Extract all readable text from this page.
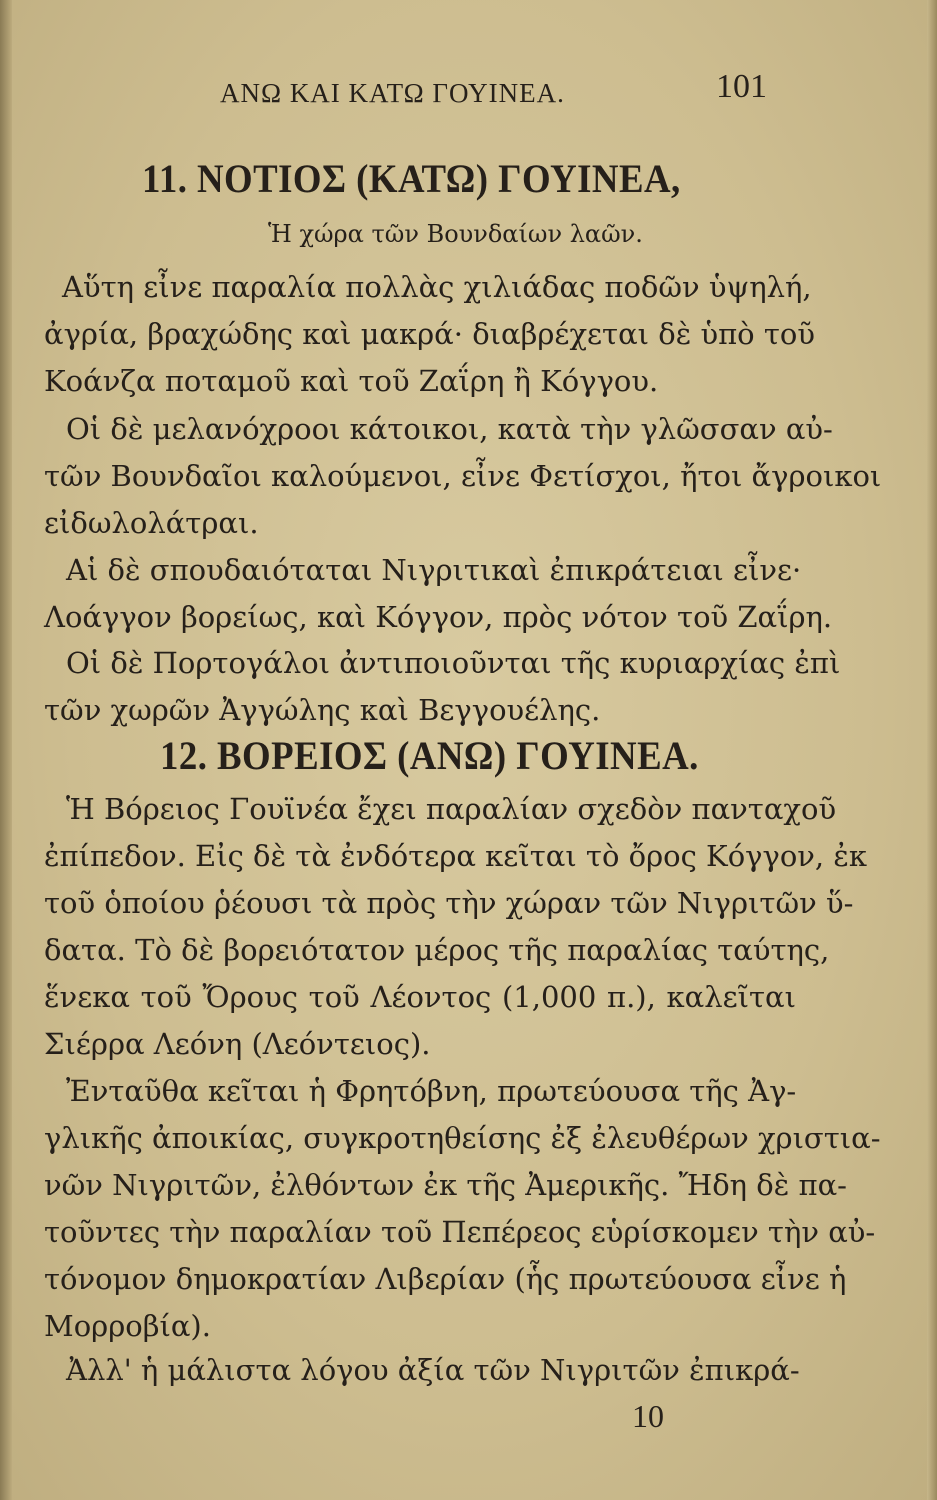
ΑΝΩ ΚΑΙ ΚΑΤΩ ΓΟΥΙΝΕΑ.	101
11. ΝΟΤΙΟΣ (ΚΑΤΩ) ΓΟΥΙΝΕΑ,
Ἡ χώρα τῶν Βουνδαίων λαῶν.
Αὕτη εἶνε παραλία πολλὰς χιλιάδας ποδῶν ὑψηλή,
ἀγρία, βραχώδης καὶ μακρά· διαβρέχεται δὲ ὑπὸ τοῦ
Κοάνζα ποταμοῦ καὶ τοῦ Ζαΐρη ἢ Κόγγου.
Οἱ δὲ μελανόχροοι κάτοικοι, κατὰ τὴν γλῶσσαν αὐ-
τῶν Βουνδαῖοι καλούμενοι, εἶνε Φετίσχοι, ἤτοι ἄγροικοι
εἰδωλολάτραι.
Αἱ δὲ σπουδαιόταται Νιγριτικαὶ ἐπικράτειαι εἶνε·
Λοάγγον βορείως, καὶ Κόγγον, πρὸς νότον τοῦ Ζαΐρη.
Οἱ δὲ Πορτογάλοι ἀντιποιοῦνται τῆς κυριαρχίας ἐπὶ
τῶν χωρῶν Ἀγγώλης καὶ Βεγγουέλης.
12. ΒΟΡΕΙΟΣ (ΑΝΩ) ΓΟΥΙΝΕΑ.
Ἡ Βόρειος Γουϊνέα ἔχει παραλίαν σχεδὸν πανταχοῦ
ἐπίπεδον. Εἰς δὲ τὰ ἐνδότερα κεῖται τὸ ὄρος Κόγγον, ἐκ
τοῦ ὁποίου ῥέουσι τὰ πρὸς τὴν χώραν τῶν Νιγριτῶν ὕ-
δατα. Τὸ δὲ βορειότατον μέρος τῆς παραλίας ταύτης,
ἕνεκα τοῦ Ὄρους τοῦ Λέοντος (1,000 π.), καλεῖται
Σιέρρα Λεόνη (Λεόντειος).
Ἐνταῦθα κεῖται ἡ Φρητόβνη, πρωτεύουσα τῆς Ἀγ-
γλικῆς ἀποικίας, συγκροτηθείσης ἐξ ἐλευθέρων χριστια-
νῶν Νιγριτῶν, ἐλθόντων ἐκ τῆς Ἀμερικῆς. Ἤδη δὲ πα-
τοῦντες τὴν παραλίαν τοῦ Πεπέρεος εὑρίσκομεν τὴν αὐ-
τόνομον δημοκρατίαν Λιβερίαν (ἧς πρωτεύουσα εἶνε ἡ
Μορροβία).
Ἀλλ' ἡ μάλιστα λόγου ἀξία τῶν Νιγριτῶν ἐπικρά-
10
